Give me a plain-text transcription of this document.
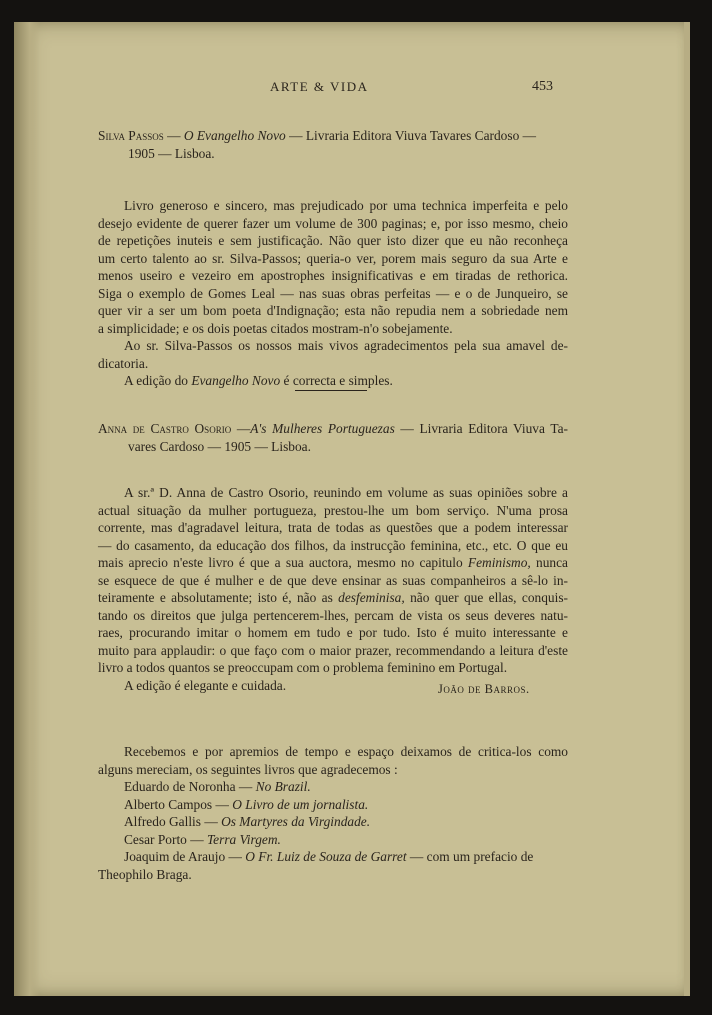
ARTE & VIDA	453
Silva Passos — O Evangelho Novo — Livraria Editora Viuva Tavares Cardoso —
1905 — Lisboa.
Livro generoso e sincero, mas prejudicado por uma technica imperfeita e pelo
desejo evidente de querer fazer um volume de 300 paginas; e, por isso mesmo, cheio
de repetições inuteis e sem justificação. Não quer isto dizer que eu não reconheça
um certo talento ao sr. Silva-Passos; queria-o ver, porem mais seguro da sua Arte e
menos useiro e vezeiro em apostrophes insignificativas e em tiradas de rethorica.
Siga o exemplo de Gomes Leal — nas suas obras perfeitas — e o de Junqueiro, se
quer vir a ser um bom poeta d'Indignação; esta não repudia nem a sobriedade nem
a simplicidade; e os dois poetas citados mostram-n'o sobejamente.
Ao sr. Silva-Passos os nossos mais vivos agradecimentos pela sua amavel de-
dicatoria.
A edição do Evangelho Novo é correcta e simples.
Anna de Castro Osorio —A's Mulheres Portuguezas — Livraria Editora Viuva Ta-
vares Cardoso — 1905 — Lisboa.
A sr.ª D. Anna de Castro Osorio, reunindo em volume as suas opiniões sobre a
actual situação da mulher portugueza, prestou-lhe um bom serviço. N'uma prosa
corrente, mas d'agradavel leitura, trata de todas as questões que a podem interessar
— do casamento, da educação dos filhos, da instrucção feminina, etc., etc. O que eu
mais aprecio n'este livro é que a sua auctora, mesmo no capitulo Feminismo, nunca
se esquece de que é mulher e de que deve ensinar as suas companheiros a sê-lo in-
teiramente e absolutamente; isto é, não as desfeminisa, não quer que ellas, conquis-
tando os direitos que julga pertencerem-lhes, percam de vista os seus deveres natu-
raes, procurando imitar o homem em tudo e por tudo. Isto é muito interessante e
muito para applaudir: o que faço com o maior prazer, recommendando a leitura d'este
livro a todos quantos se preoccupam com o problema feminino em Portugal.
A edição é elegante e cuidada.	João de Barros.
Recebemos e por apremios de tempo e espaço deixamos de critica-los como
alguns mereciam, os seguintes livros que agradecemos :
Eduardo de Noronha — No Brazil.
Alberto Campos — O Livro de um jornalista.
Alfredo Gallis — Os Martyres da Virgindade.
Cesar Porto — Terra Virgem.
Joaquim de Araujo — O Fr. Luiz de Souza de Garret — com um prefacio de
Theophilo Braga.
